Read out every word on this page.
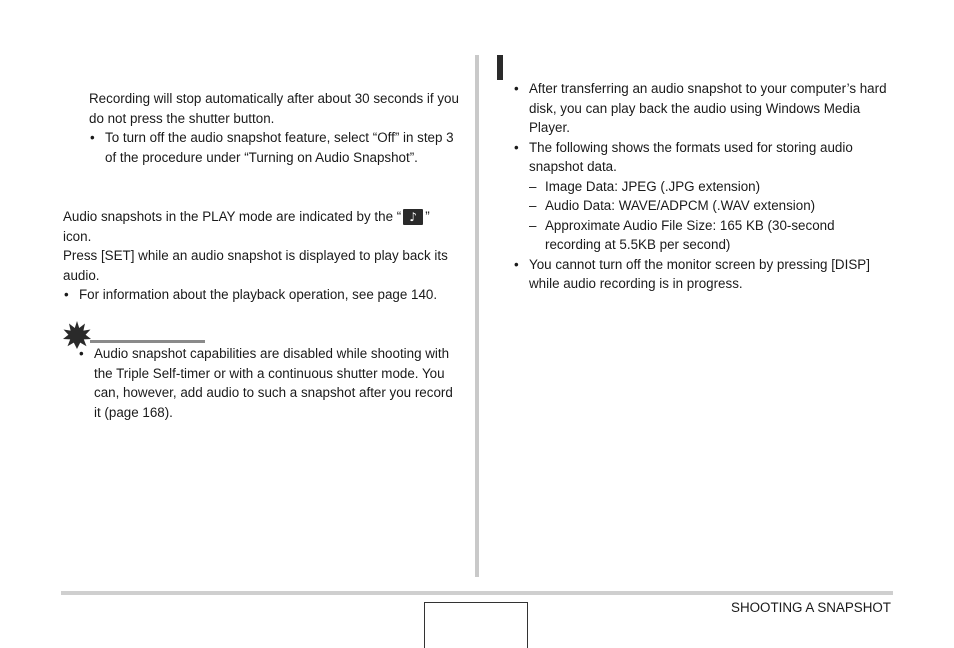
SHOOTING A SNAPSHOT

Recording will stop automatically after about 30 seconds if you do not press the shutter button.

• To turn off the audio snapshot feature, select “Off” in step 3 of the procedure under “Turning on Audio Snapshot”.

Audio snapshots in the PLAY mode are indicated by the “ ♪ ” icon.

Press [SET] while an audio snapshot is displayed to play back its audio.

• For information about the playback operation, see page 140.

• Audio snapshot capabilities are disabled while shooting with the Triple Self-timer or with a continuous shutter mode. You can, however, add audio to such a snapshot after you record it (page 168).

• After transferring an audio snapshot to your computer’s hard disk, you can play back the audio using Windows Media Player.

• The following shows the formats used for storing audio snapshot data.

– Image Data: JPEG (.JPG extension)

– Audio Data: WAVE/ADPCM (.WAV extension)

– Approximate Audio File Size: 165 KB (30-second recording at 5.5KB per second)

• You cannot turn off the monitor screen by pressing [DISP] while audio recording is in progress.
